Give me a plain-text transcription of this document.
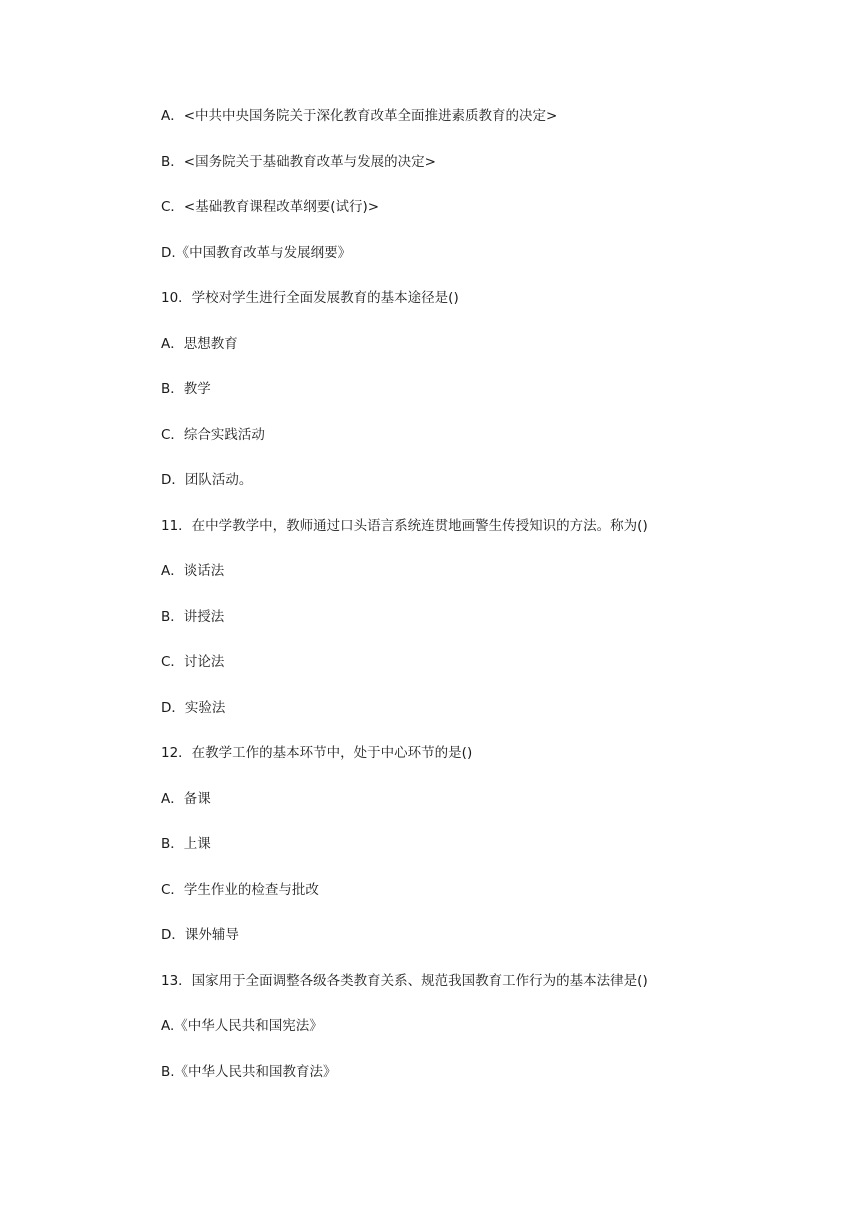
A．<中共中央国务院关于深化教育改革全面推进素质教育的决定>
B．<国务院关于基础教育改革与发展的决定>
C．<基础教育课程改革纲要(试行)>
D.《中国教育改革与发展纲要》
10．学校对学生进行全面发展教育的基本途径是()
A．思想教育
B．教学
C．综合实践活动
D．团队活动。
11．在中学教学中，教师通过口头语言系统连贯地画警生传授知识的方法。称为()
A．谈话法
B．讲授法
C．讨论法
D．实验法
12．在教学工作的基本环节中，处于中心环节的是()
A．备课
B．上课
C．学生作业的检查与批改
D．课外辅导
13．国家用于全面调整各级各类教育关系、规范我国教育工作行为的基本法律是()
A.《中华人民共和国宪法》
B.《中华人民共和国教育法》
